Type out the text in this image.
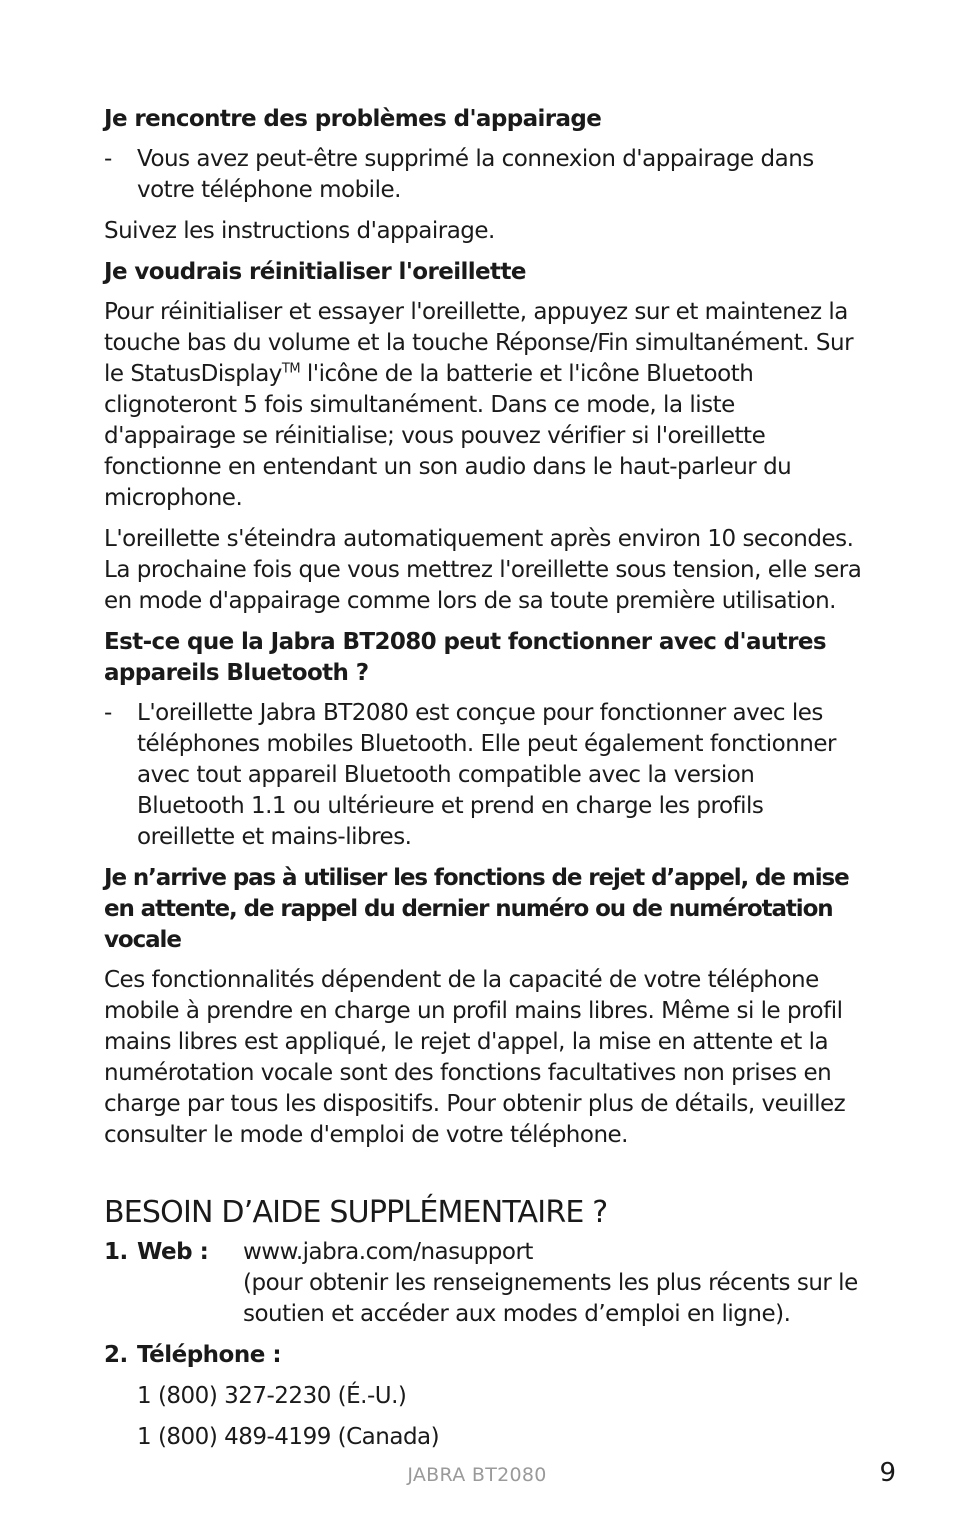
Je rencontre des problèmes d'appairage
-	Vous avez peut-être supprimé la connexion d'appairage dans votre téléphone mobile.

Suivez les instructions d'appairage.

Je voudrais réinitialiser l'oreillette

Pour réinitialiser et essayer l'oreillette, appuyez sur et maintenez la touche bas du volume et la touche Réponse/Fin simultanément. Sur le StatusDisplay™ l'icône de la batterie et l'icône Bluetooth clignoteront 5 fois simultanément. Dans ce mode, la liste d'appairage se réinitialise; vous pouvez vérifier si l'oreillette fonctionne en entendant un son audio dans le haut-parleur du microphone.

L'oreillette s'éteindra automatiquement après environ 10 secondes. La prochaine fois que vous mettrez l'oreillette sous tension, elle sera en mode d'appairage comme lors de sa toute première utilisation.

Est-ce que la Jabra BT2080 peut fonctionner avec d'autres appareils Bluetooth ?
-	L'oreillette Jabra BT2080 est conçue pour fonctionner avec les téléphones mobiles Bluetooth. Elle peut également fonctionner avec tout appareil Bluetooth compatible avec la version Bluetooth 1.1 ou ultérieure et prend en charge les profils oreillette et mains-libres.
Je n’arrive pas à utiliser les fonctions de rejet d’appel, de mise en attente, de rappel du dernier numéro ou de numérotation vocale

Ces fonctionnalités dépendent de la capacité de votre téléphone mobile à prendre en charge un profil mains libres. Même si le profil mains libres est appliqué, le rejet d'appel, la mise en attente et la numérotation vocale sont des fonctions facultatives non prises en charge par tous les dispositifs. Pour obtenir plus de détails, veuillez consulter le mode d'emploi de votre téléphone.

BESOIN D’AIDE SUPPLÉMENTAIRE ?
1. Web :	www.jabra.com/nasupport
(pour obtenir les renseignements les plus récents sur le soutien et accéder aux modes d’emploi en ligne).
2. Téléphone :
1 (800) 327-2230 (É.-U.)
1 (800) 489-4199 (Canada)
JABRA BT2080	9
